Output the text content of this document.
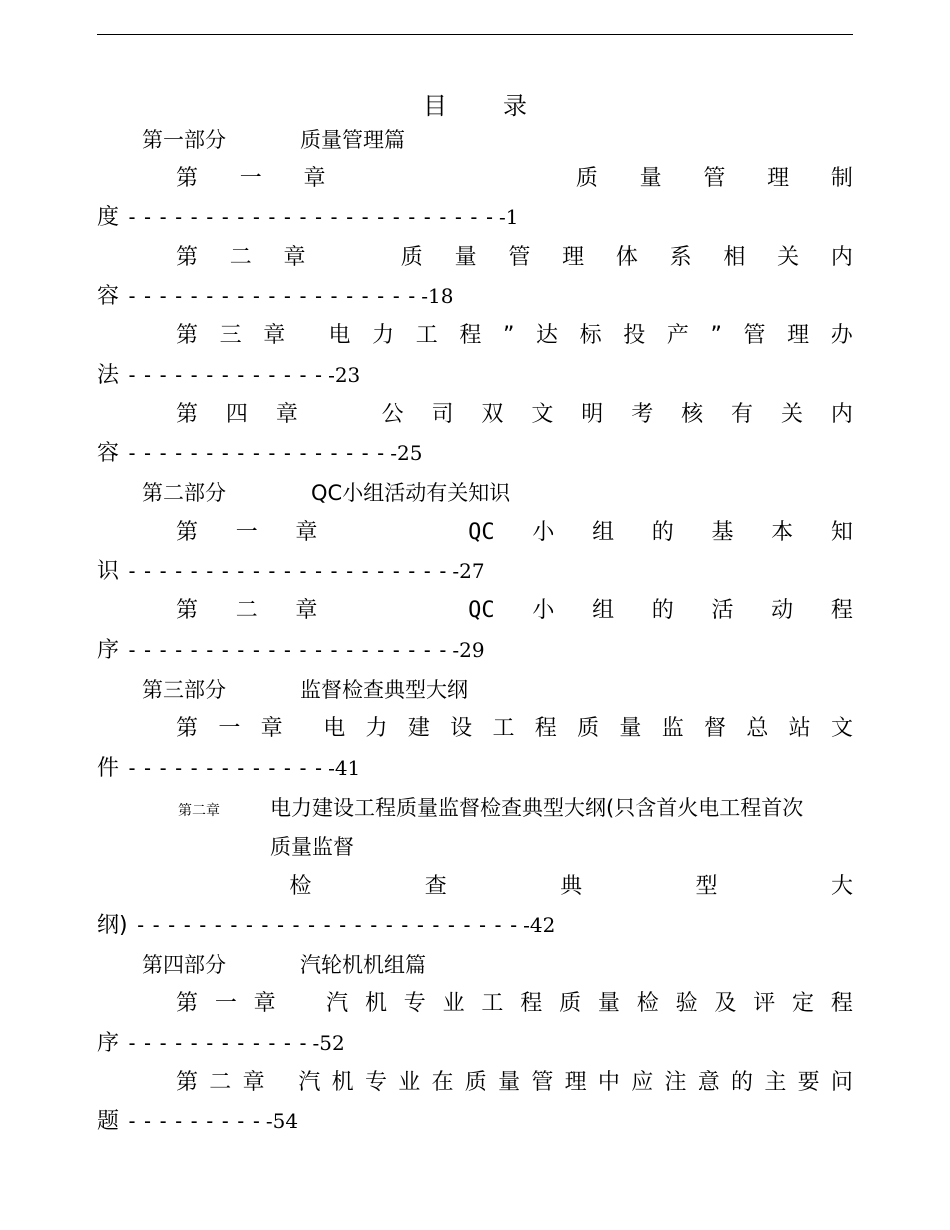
目录
第一部分	质量管理篇
第 一 章	质 量 管 理 制
度 -------------------------1
第 二 章	质 量 管 理 体 系 相 关 内
容 --------------------18
第 三 章 电 力 工 程 ” 达 标 投 产 ” 管 理 办
法 --------------23
第 四 章	公 司 双 文 明 考 核 有 关 内
容 ------------------25
第二部分	QC小组活动有关知识
第 一 章	QC 小 组 的 基 本 知
识 ----------------------27
第 二 章	QC 小 组 的 活 动 程
序 ----------------------29
第三部分	监督检查典型大纲
第 一 章 电 力 建 设 工 程 质 量 监 督 总 站 文
件 --------------41
第二章 电力建设工程质量监督检查典型大纲(只含首火电工程首次
质量监督
检	查	典	型	大
纲) --------------------------42
第四部分	汽轮机机组篇
第 一 章 汽 机 专 业 工 程 质 量 检 验 及 评 定 程
序 -------------52
第 二 章 汽 机 专 业 在 质 量 管 理 中 应 注 意 的 主 要 问
题 ----------54
